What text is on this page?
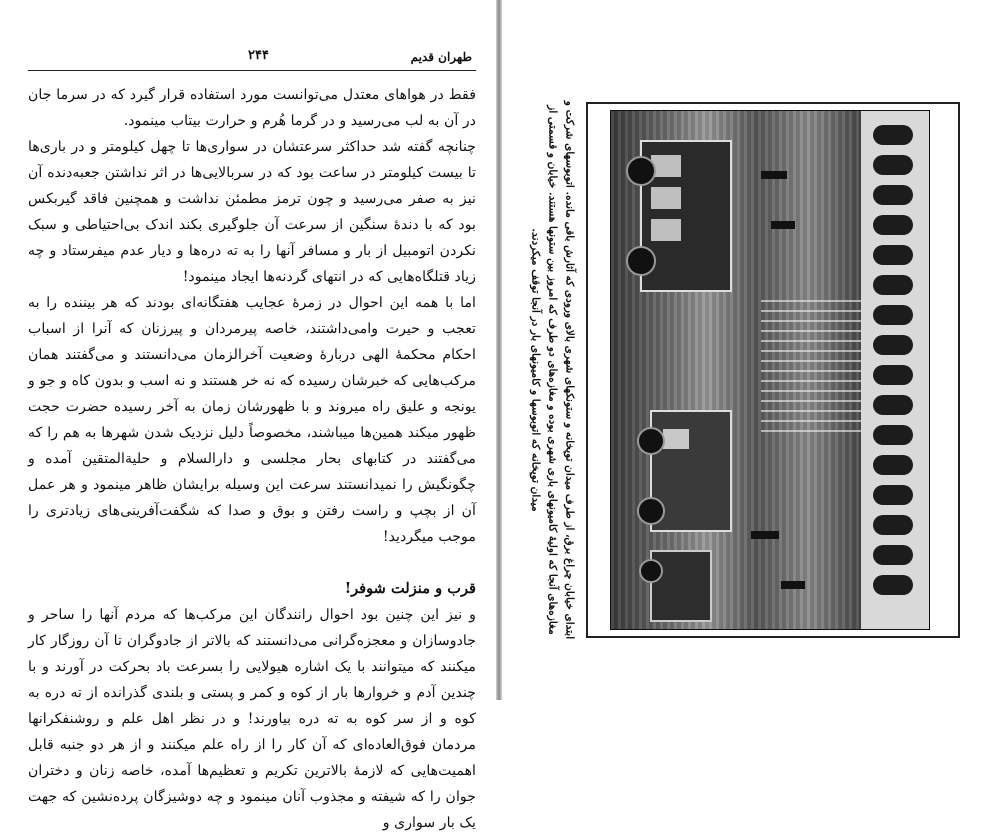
طهران قدیم
۲۴۴

فقط در هواهای معتدل می‌توانست مورد استفاده قرار گیرد که در سرما جان در آن به لب می‌رسید و در گرما هُرم و حرارت بیتاب مینمود.

چنانچه گفته شد حداکثر سرعتشان در سواری‌ها تا چهل کیلومتر و در باری‌ها تا بیست کیلومتر در ساعت بود که در سربالایی‌ها در اثر نداشتن جعبه‌دنده آن نیز به صفر می‌رسید و چون ترمز مطمئن نداشت و همچنین فاقد گیربکس بود که با دندهٔ سنگین از سرعت آن جلوگیری بکند اندک بی‌احتیاطی و سبک نکردن اتومبیل از بار و مسافر آنها را به ته دره‌ها و دیار عدم میفرستاد و چه زیاد قتلگاه‌هایی که در انتهای گردنه‌ها ایجاد مینمود!

اما با همه این احوال در زمرهٔ عجایب هفتگانه‌ای بودند که هر بیننده را به تعجب و حیرت وامی‌داشتند، خاصه پیرمردان و پیرزنان که آنرا از اسباب احکام محکمهٔ الهی دربارهٔ وضعیت آخرالزمان می‌دانستند و می‌گفتند همان مرکب‌هایی که خبرشان رسیده که نه خر هستند و نه اسب و بدون کاه و جو و یونجه و علیق راه میروند و با ظهورشان زمان به آخر رسیده حضرت حجت ظهور میکند همین‌ها میباشند، مخصوصاً دلیل نزدیک شدن شهرها به هم را که می‌گفتند در کتابهای بحار مجلسی و دارالسلام و حلیةالمتقین آمده و چگونگیش را نمیدانستند سرعت این وسیله برایشان ظاهر مینمود و هر عمل آن از بچپ و راست رفتن و بوق و صدا که شگفت‌آفرینی‌های زیادتری را موجب میگردید!

قرب و منزلت شوفر!

و نیز این چنین بود احوال رانندگان این مرکب‌ها که مردم آنها را ساحر و جادوسازان و معجزه‌گرانی می‌دانستند که بالاتر از جادوگران تا آن روزگار کار میکنند که میتوانند با یک اشاره هیولایی را بسرعت باد بحرکت در آورند و با چندین آدم و خروارها بار از کوه و کمر و پستی و بلندی گذرانده از ته دره به کوه و از سر کوه به ته دره بیاورند! و در نظر اهل علم و روشنفکرانها مردمان فوق‌العاده‌ای که آن کار را از راه علم میکنند و از هر دو جنبه قابل اهمیت‌هایی که لازمهٔ بالاترین تکریم و تعظیم‌ها آمده، خاصه زنان و دختران جوان را که شیفته و مجذوب آنان مینمود و چه دوشیزگان پرده‌نشین که جهت یک بار سواری و

ابتدای خیابان چراغ برق، از طرف میدان توپخانه و ستونکهای شهری بالای ورودی که آثارش باقی مانده. اتوبوسهای شرکت و مغازه‌های آنجا که اولیهٔ کامیونهای باری شهری بوده و مغازه‌های دو طرف که امروز بین ستونها هستند. خیابان و قسمتی از میدان توپخانه که اتوبوسها و کامیونهای بار در آنجا توقف میکردند.
